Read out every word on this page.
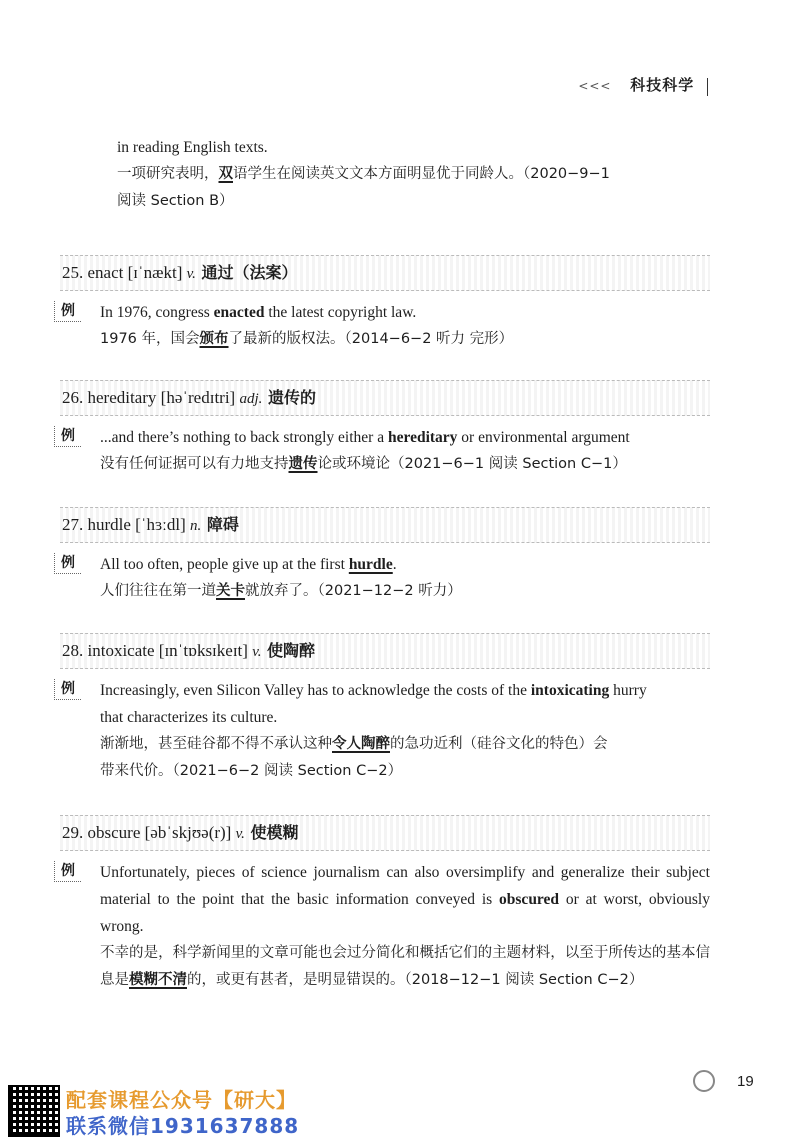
<<< 科技科学

in reading English texts.

一项研究表明，双语学生在阅读英文文本方面明显优于同龄人。（2020−9−1

阅读 Section B）

25. enact [ɪˈnækt] v. 通过（法案）
例	In 1976, congress enacted the latest copyright law.

1976 年，国会颁布了最新的版权法。（2014−6−2 听力 完形）

26. hereditary [həˈredɪtri] adj. 遗传的
例	...and there’s nothing to back strongly either a hereditary or environmental argument

没有任何证据可以有力地支持遗传论或环境论（2021−6−1 阅读 Section C−1）

27. hurdle [ˈhɜːdl] n. 障碍
例	All too often, people give up at the first hurdle.

人们往往在第一道关卡就放弃了。（2021−12−2 听力）

28. intoxicate [ɪnˈtɒksɪkeɪt] v. 使陶醉
例	Increasingly, even Silicon Valley has to acknowledge the costs of the intoxicating hurry

that characterizes its culture.

渐渐地，甚至硅谷都不得不承认这种令人陶醉的急功近利（硅谷文化的特色）会

带来代价。（2021−6−2 阅读 Section C−2）

29. obscure [əbˈskjʊə(r)] v. 使模糊
例	Unfortunately, pieces of science journalism can also oversimplify and generalize their subject material to the point that the basic information conveyed is obscured or at worst, obviously wrong.

不幸的是，科学新闻里的文章可能也会过分简化和概括它们的主题材料，以至于所传达的基本信息是模糊不清的，或更有甚者，是明显错误的。（2018−12−1 阅读 Section C−2）

19
配套课程公众号【研大】
联系微信1931637888
